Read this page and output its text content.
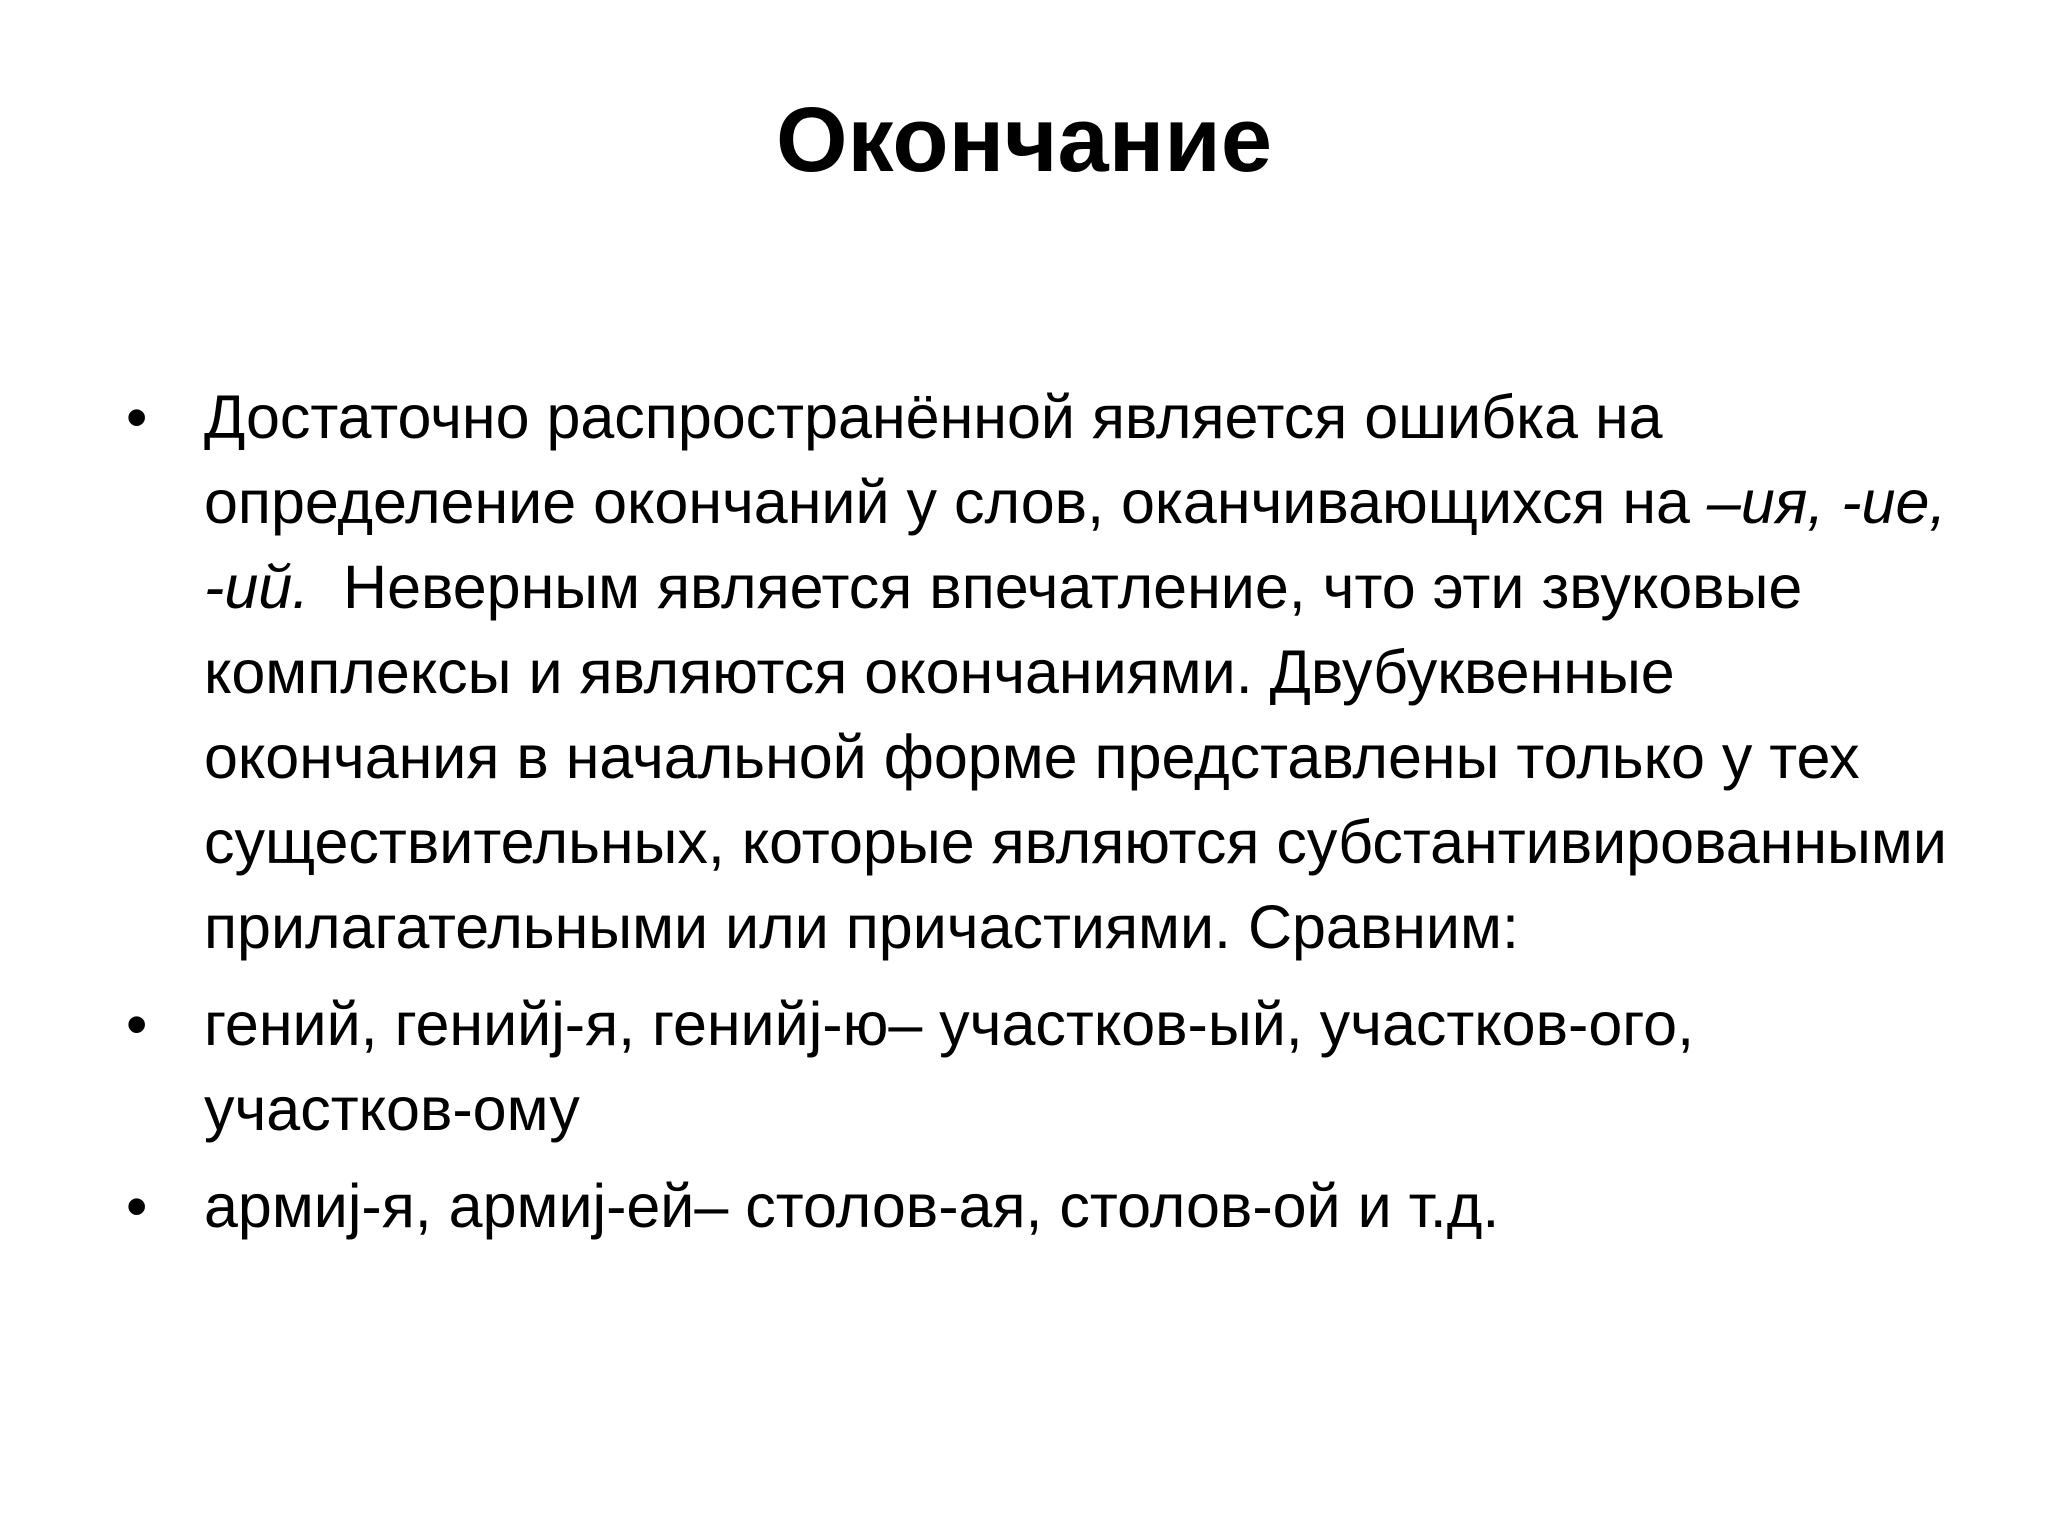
Окончание
• Достаточно распространённой является ошибка на определение окончаний у слов, оканчивающихся на –ия, -ие, -ий.  Неверным является впечатление, что эти звуковые комплексы и являются окончаниями. Двубуквенные окончания в начальной форме представлены только у тех существительных, которые являются субстантивированными прилагательными или причастиями. Сравним:
• гений, генийj-я, генийj-ю– участков-ый, участков-ого, участков-ому
• армиj-я, армиj-ей– столов-ая, столов-ой и т.д.
